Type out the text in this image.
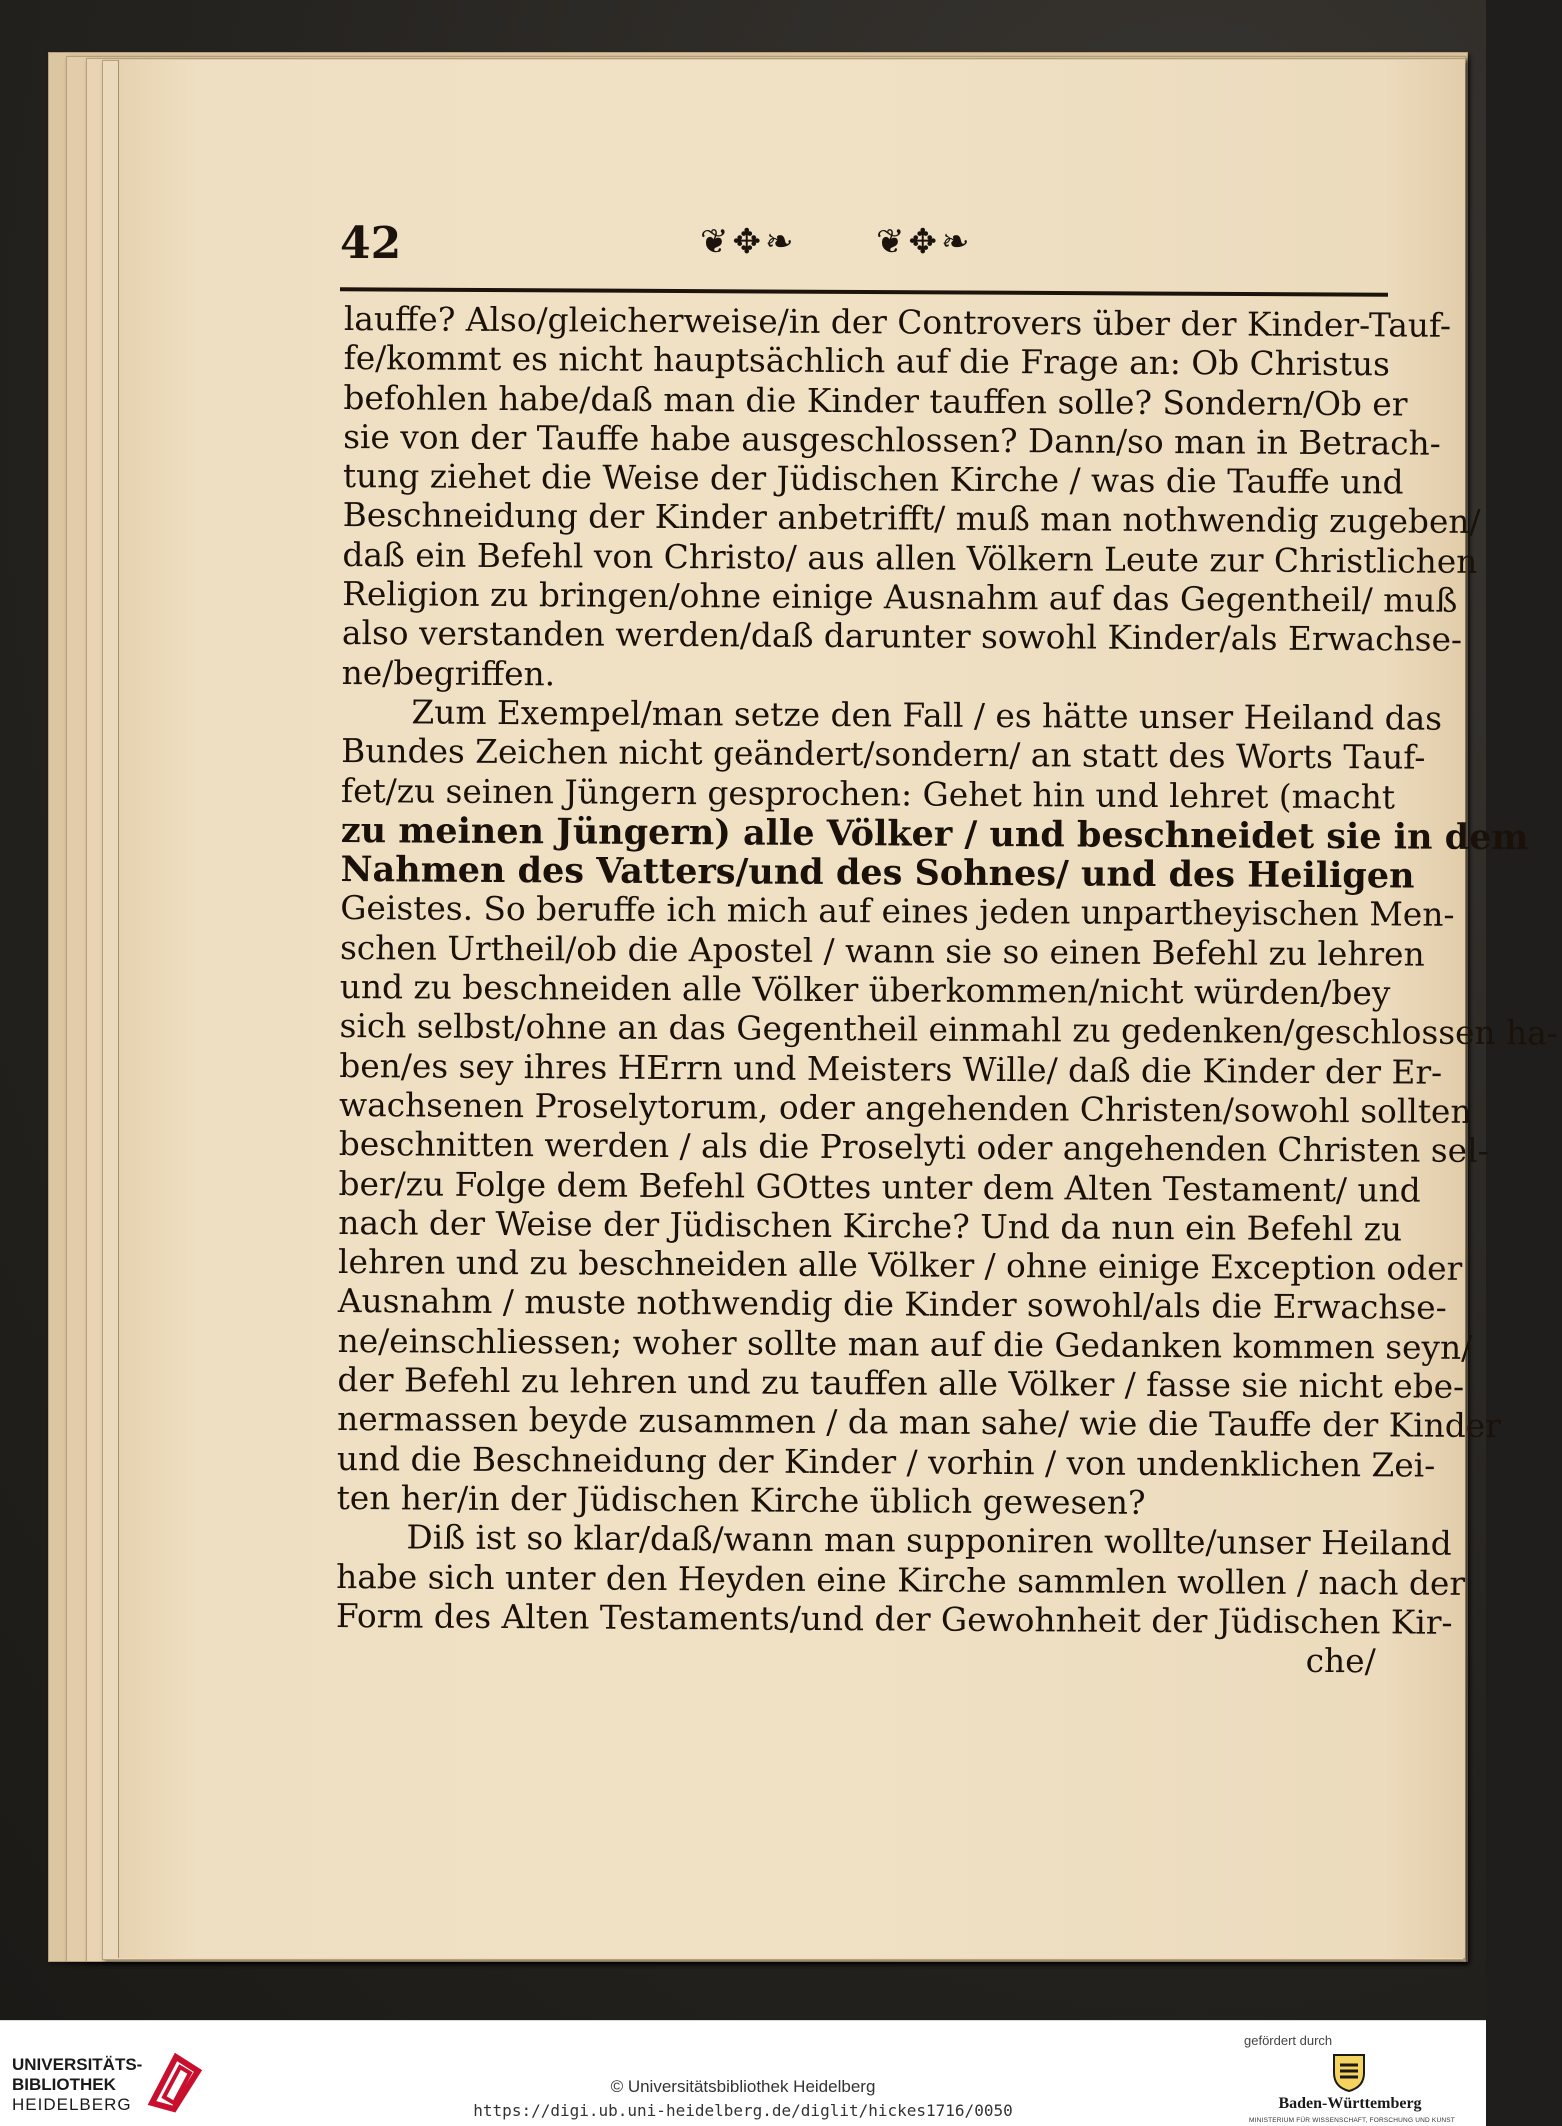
42	❦✥❧ ❦✥❧

lauffe? Also/gleicherweise/in der Controvers über der Kinder-Tauf-
fe/kommt es nicht hauptsächlich auf die Frage an: Ob Christus
befohlen habe/daß man die Kinder tauffen solle? Sondern/Ob er
sie von der Tauffe habe ausgeschlossen? Dann/so man in Betrach-
tung ziehet die Weise der Jüdischen Kirche / was die Tauffe und
Beschneidung der Kinder anbetrifft/ muß man nothwendig zugeben/
daß ein Befehl von Christo/ aus allen Völkern Leute zur Christlichen
Religion zu bringen/ohne einige Ausnahm auf das Gegentheil/ muß
also verstanden werden/daß darunter sowohl Kinder/als Erwachse-
ne/begriffen.

Zum Exempel/man setze den Fall / es hätte unser Heiland das
Bundes Zeichen nicht geändert/sondern/ an statt des Worts Tauf-
fet/zu seinen Jüngern gesprochen: Gehet hin und lehret (macht
zu meinen Jüngern) alle Völker / und beschneidet sie in dem
Nahmen des Vatters/und des Sohnes/ und des Heiligen
Geistes. So beruffe ich mich auf eines jeden unpartheyischen Men-
schen Urtheil/ob die Apostel / wann sie so einen Befehl zu lehren
und zu beschneiden alle Völker überkommen/nicht würden/bey
sich selbst/ohne an das Gegentheil einmahl zu gedenken/geschlossen ha-
ben/es sey ihres HErrn und Meisters Wille/ daß die Kinder der Er-
wachsenen Proselytorum, oder angehenden Christen/sowohl sollten
beschnitten werden / als die Proselyti oder angehenden Christen sel-
ber/zu Folge dem Befehl GOttes unter dem Alten Testament/ und
nach der Weise der Jüdischen Kirche? Und da nun ein Befehl zu
lehren und zu beschneiden alle Völker / ohne einige Exception oder
Ausnahm / muste nothwendig die Kinder sowohl/als die Erwachse-
ne/einschliessen; woher sollte man auf die Gedanken kommen seyn/
der Befehl zu lehren und zu tauffen alle Völker / fasse sie nicht ebe-
nermassen beyde zusammen / da man sahe/ wie die Tauffe der Kinder
und die Beschneidung der Kinder / vorhin / von undenklichen Zei-
ten her/in der Jüdischen Kirche üblich gewesen?

Diß ist so klar/daß/wann man supponiren wollte/unser Heiland
habe sich unter den Heyden eine Kirche sammlen wollen / nach der
Form des Alten Testaments/und der Gewohnheit der Jüdischen Kir-
che/

UNIVERSITÄTS-
BIBLIOTHEK
HEIDELBERG
© Universitätsbibliothek Heidelberg
https://digi.ub.uni-heidelberg.de/diglit/hickes1716/0050
gefördert durch
Baden-Württemberg
MINISTERIUM FÜR WISSENSCHAFT, FORSCHUNG UND KUNST
